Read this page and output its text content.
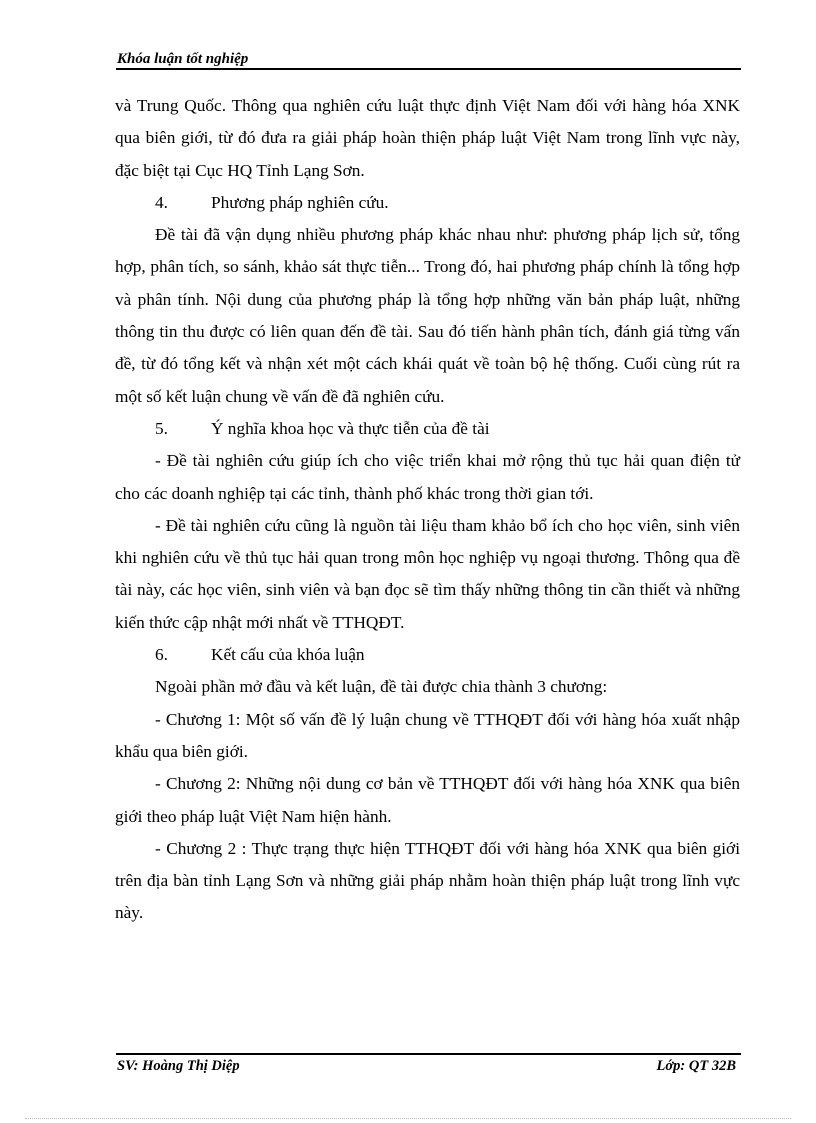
Khóa luận tốt nghiệp

và Trung Quốc. Thông qua nghiên cứu luật thực định Việt Nam đối với hàng hóa XNK qua biên giới, từ đó đưa ra giải pháp hoàn thiện pháp luật Việt Nam trong lĩnh vực này, đặc biệt tại Cục HQ Tỉnh Lạng Sơn.

4. Phương pháp nghiên cứu.

Đề tài đã vận dụng nhiều phương pháp khác nhau như: phương pháp lịch sử, tổng hợp, phân tích, so sánh, khảo sát thực tiễn... Trong đó, hai phương pháp chính là tổng hợp và phân tính. Nội dung của phương pháp là tổng hợp những văn bản pháp luật, những thông tin thu được có liên quan đến đề tài. Sau đó tiến hành phân tích, đánh giá từng vấn đề, từ đó tổng kết và nhận xét một cách khái quát về toàn bộ hệ thống. Cuối cùng rút ra một số kết luận chung về vấn đề đã nghiên cứu.

5. Ý nghĩa khoa học và thực tiễn của đề tài

- Đề tài nghiên cứu giúp ích cho việc triển khai mở rộng thủ tục hải quan điện tử cho các doanh nghiệp tại các tỉnh, thành phố khác trong thời gian tới.

- Đề tài nghiên cứu cũng là nguồn tài liệu tham khảo bổ ích cho học viên, sinh viên khi nghiên cứu về thủ tục hải quan trong môn học nghiệp vụ ngoại thương. Thông qua đề tài này, các học viên, sinh viên và bạn đọc sẽ tìm thấy những thông tin cần thiết và những kiến thức cập nhật mới nhất về TTHQĐT.

6. Kết cấu của khóa luận

Ngoài phần mở đầu và kết luận, đề tài được chia thành 3 chương:

- Chương 1: Một số vấn đề lý luận chung về TTHQĐT đối với hàng hóa xuất nhập khẩu qua biên giới.

- Chương 2: Những nội dung cơ bản về TTHQĐT đối với hàng hóa XNK qua biên giới theo pháp luật Việt Nam hiện hành.

- Chương 2 : Thực trạng thực hiện TTHQĐT đối với hàng hóa XNK qua biên giới trên địa bàn tỉnh Lạng Sơn và những giải pháp nhằm hoàn thiện pháp luật trong lĩnh vực này.

SV: Hoàng Thị Diệp	Lớp: QT 32B
